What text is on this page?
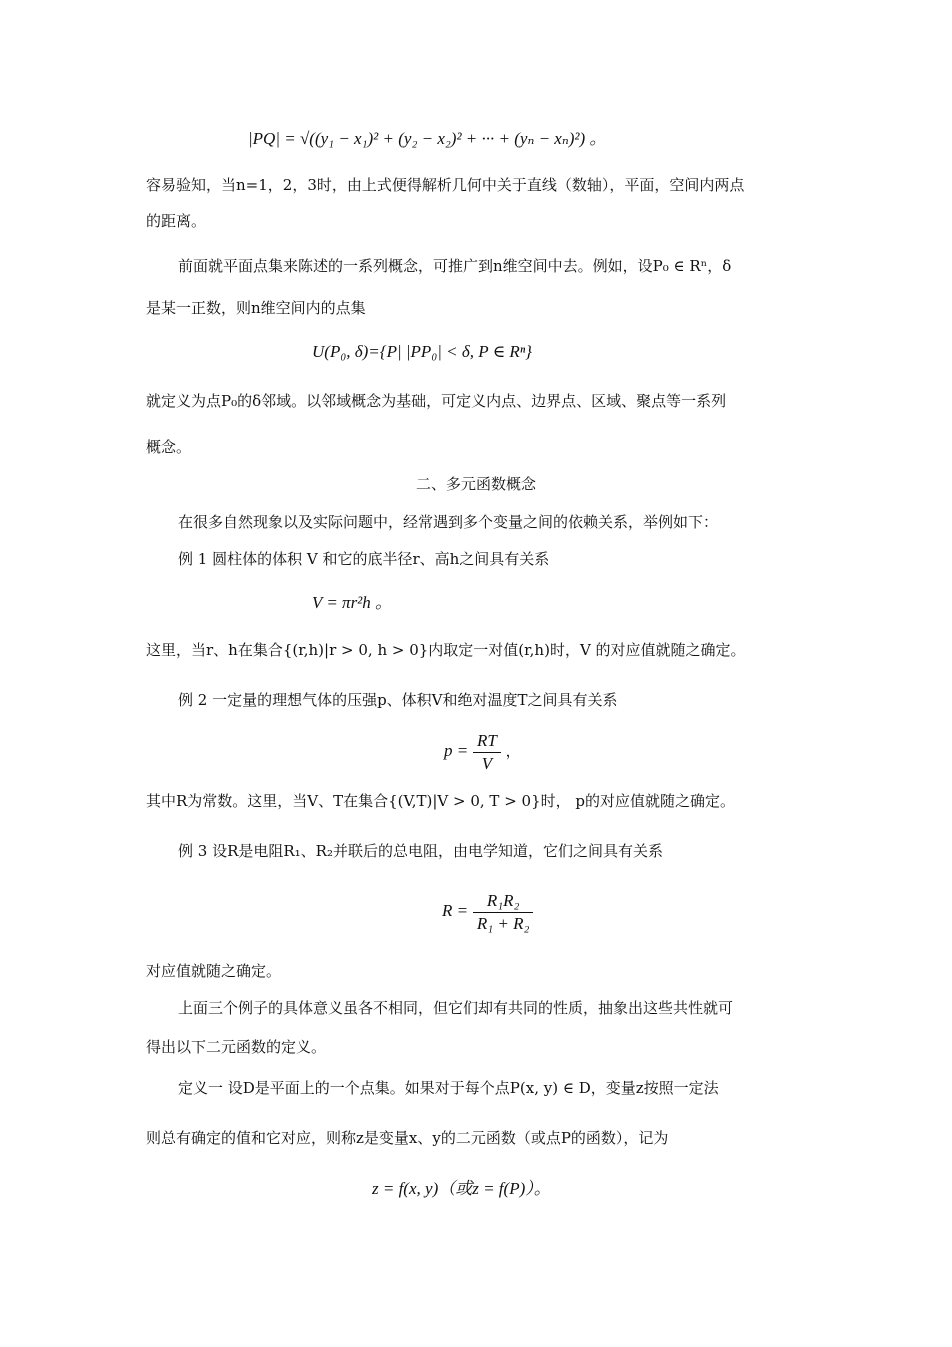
|PQ| = √((y₁ − x₁)² + (y₂ − x₂)² + ··· + (yₙ − xₙ)²) 。
容易验知，当n=1，2，3时，由上式便得解析几何中关于直线（数轴），平面，空间内两点
的距离。
前面就平面点集来陈述的一系列概念，可推广到n维空间中去。例如，设P₀ ∈ Rⁿ，δ
是某一正数，则n维空间内的点集
U(P₀, δ)={P| |PP₀| < δ, P ∈ Rⁿ}
就定义为点P₀的δ邻域。以邻域概念为基础，可定义内点、边界点、区域、聚点等一系列
概念。
二、多元函数概念
在很多自然现象以及实际问题中，经常遇到多个变量之间的依赖关系，举例如下：
例 1 圆柱体的体积 V 和它的底半径r、高h之间具有关系
V = πr²h 。
这里，当r、h在集合{(r,h)|r > 0, h > 0}内取定一对值(r,h)时，V 的对应值就随之确定。
例 2 一定量的理想气体的压强p、体积V和绝对温度T之间具有关系
$p = \frac{RT}{V}$ ，
其中R为常数。这里，当V、T在集合{(V,T)|V > 0, T > 0}时， p的对应值就随之确定。
例 3 设R是电阻R₁、R₂并联后的总电阻，由电学知道，它们之间具有关系
$R = \frac{\text{R₁R₂}}{\text{R₁ + R₂}}$
对应值就随之确定。
上面三个例子的具体意义虽各不相同，但它们却有共同的性质，抽象出这些共性就可
得出以下二元函数的定义。
定义一 设D是平面上的一个点集。如果对于每个点P(x, y) ∈ D，变量z按照一定法
则总有确定的值和它对应，则称z是变量x、y的二元函数（或点P的函数），记为
z = f(x, y)（或z = f(P)）。
